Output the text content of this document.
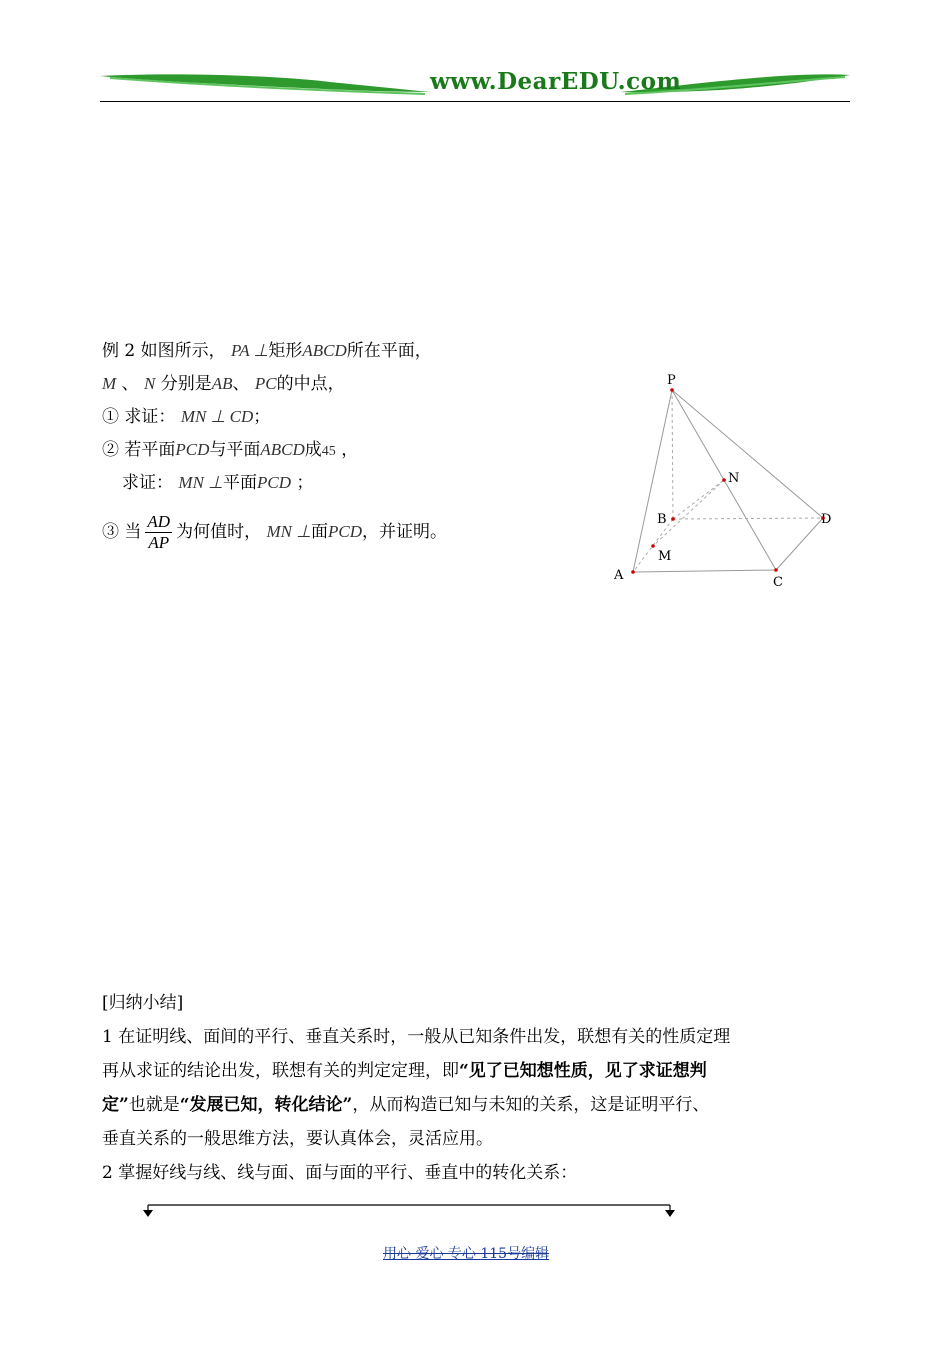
www.DearEDU.com
例 2 如图所示， PA ⊥矩形ABCD所在平面，
M 、 N 分别是AB、 PC的中点，
① 求证： MN ⊥ CD；
② 若平面PCD与平面ABCD成45 ，
求证： MN ⊥平面PCD ；
③ 当 $\frac{AD}{AP}$ 为何值时， MN ⊥面PCD，并证明。
P
N
B	D
M
A	C

[归纳小结]

1 在证明线、面间的平行、垂直关系时，一般从已知条件出发，联想有关的性质定理

再从求证的结论出发，联想有关的判定定理，即“见了已知想性质，见了求证想判

定”也就是“发展已知，转化结论”，从而构造已知与未知的关系，这是证明平行、

垂直关系的一般思维方法，要认真体会，灵活应用。

2 掌握好线与线、线与面、面与面的平行、垂直中的转化关系：

用心 爱心 专心 115号编辑
